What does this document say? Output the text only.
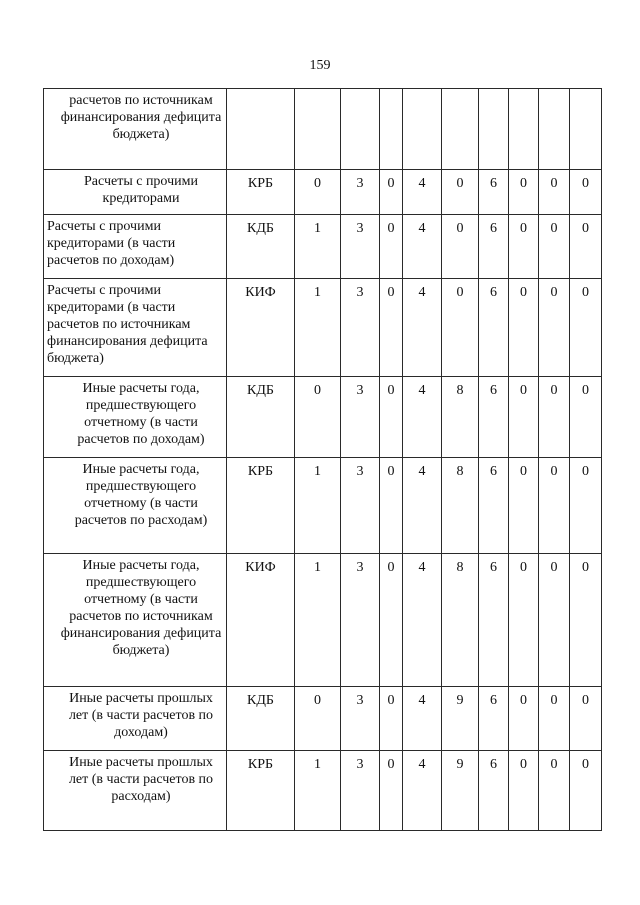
159
расчетов по источникам финансирования дефицита бюджета)										
Расчеты с прочими кредиторами	КРБ	0	3	0	4	0	6	0	0	0
Расчеты с прочими кредиторами (в части расчетов по доходам)	КДБ	1	3	0	4	0	6	0	0	0
Расчеты с прочими кредиторами (в части расчетов по источникам финансирования дефицита бюджета)	КИФ	1	3	0	4	0	6	0	0	0
Иные расчеты года, предшествующего отчетному (в части расчетов по доходам)	КДБ	0	3	0	4	8	6	0	0	0
Иные расчеты года, предшествующего отчетному (в части расчетов по расходам)	КРБ	1	3	0	4	8	6	0	0	0
Иные расчеты года, предшествующего отчетному (в части расчетов по источникам финансирования дефицита бюджета)	КИФ	1	3	0	4	8	6	0	0	0
Иные расчеты прошлых лет (в части расчетов по доходам)	КДБ	0	3	0	4	9	6	0	0	0
Иные расчеты прошлых лет (в части расчетов по расходам)	КРБ	1	3	0	4	9	6	0	0	0
